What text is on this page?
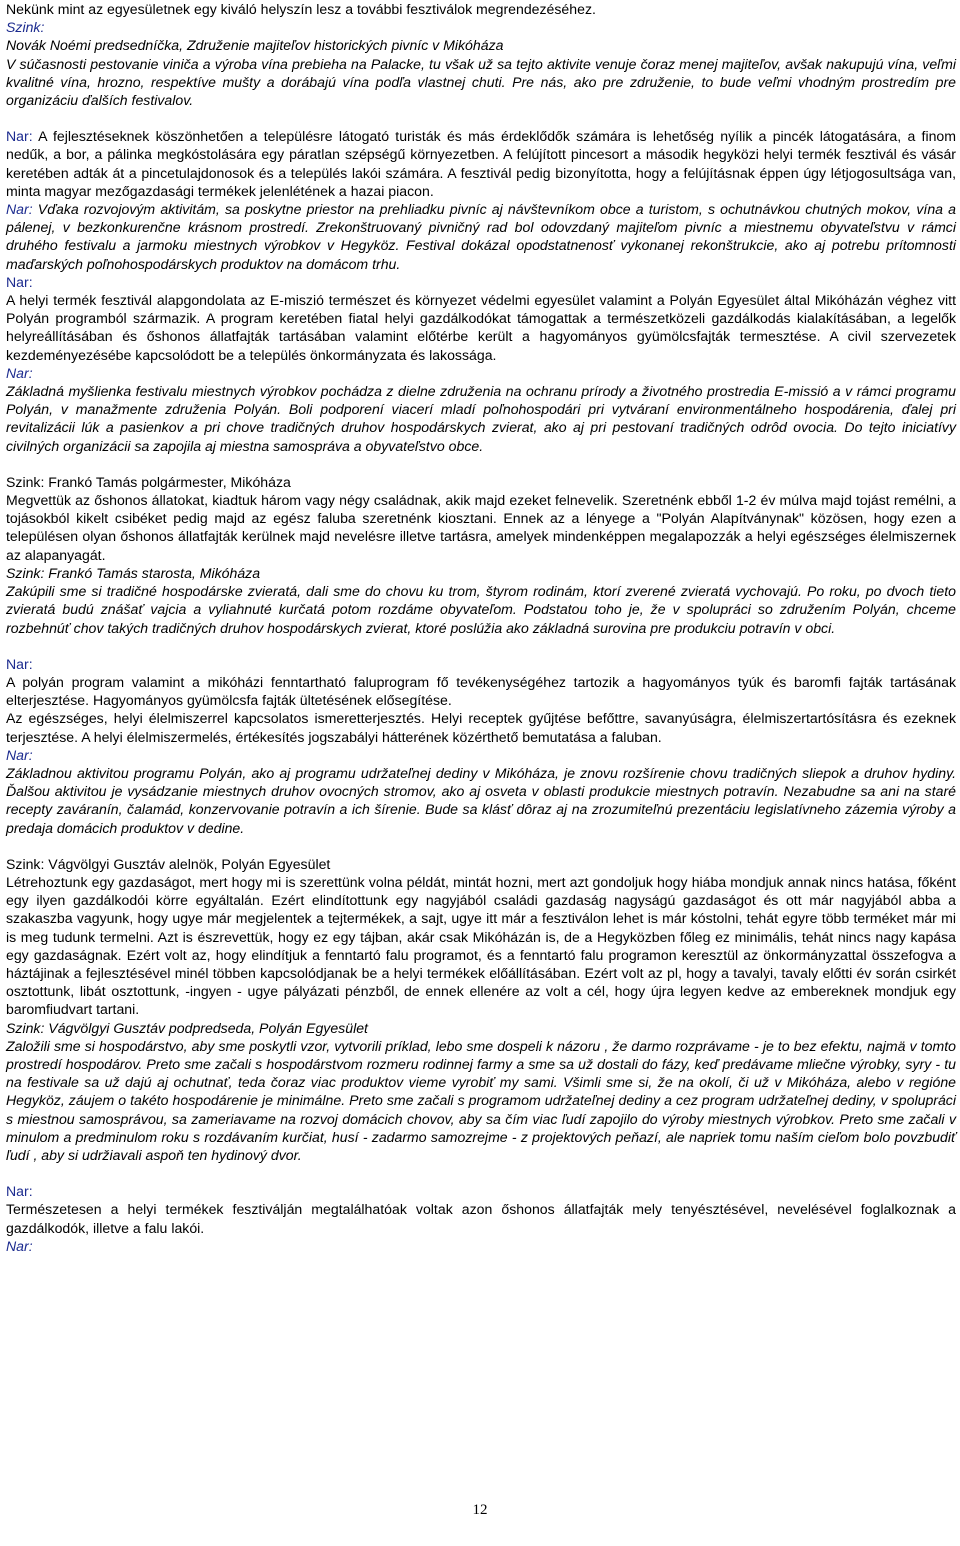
Nekünk mint az egyesületnek egy kiváló helyszín lesz a további fesztiválok megrendezéséhez.

Szink:

Novák Noémi predsedníčka, Združenie majiteľov historických pivníc v Mikóháza

V súčasnosti pestovanie viniča a výroba vína prebieha na Palacke, tu však už sa tejto aktivite venuje čoraz menej majiteľov, avšak nakupujú vína, veľmi kvalitné vína, hrozno, respektíve mušty a dorábajú vína podľa vlastnej chuti. Pre nás, ako pre združenie, to bude veľmi vhodným prostredím pre organizáciu ďalších festivalov.

Nar: A fejlesztéseknek köszönhetően a településre látogató turisták és más érdeklődők számára is lehetőség nyílik a pincék látogatására, a finom nedűk, a bor, a pálinka megkóstolására egy páratlan szépségű környezetben. A felújított pincesort a második hegyközi helyi termék fesztivál és vásár keretében adták át a pincetulajdonosok és a település lakói számára. A fesztivál pedig bizonyította, hogy a felújításnak éppen úgy létjogosultsága van, minta magyar mezőgazdasági termékek jelenlétének a hazai piacon.

Nar: Vďaka rozvojovým aktivitám, sa poskytne priestor na prehliadku pivníc aj návštevníkom obce a turistom, s ochutnávkou chutných mokov, vína a pálenej, v bezkonkurenčne krásnom prostredí. Zrekonštruovaný pivničný rad bol odovzdaný majiteľom pivníc a miestnemu obyvateľstvu v rámci druhého festivalu a jarmoku miestnych výrobkov v Hegyköz. Festival dokázal opodstatnenosť vykonanej rekonštrukcie, ako aj potrebu prítomnosti maďarských poľnohospodárskych produktov na domácom trhu.

Nar:

A helyi termék fesztivál alapgondolata az E-miszió természet és környezet védelmi egyesület valamint a Polyán Egyesület által Mikóházán véghez vitt Polyán programból származik. A program keretében fiatal helyi gazdálkodókat támogattak a természetközeli gazdálkodás kialakításában, a legelők helyreállításában és őshonos állatfajták tartásában valamint előtérbe került a hagyományos gyümölcsfajták termesztése. A civil szervezetek kezdeményezésébe kapcsolódott be a település önkormányzata és lakossága.

Nar:

Základná myšlienka festivalu miestnych výrobkov pochádza z dielne združenia na ochranu prírody a životného prostredia E-missió a v rámci programu Polyán, v manažmente združenia Polyán. Boli podporení viacerí mladí poľnohospodári pri vytváraní environmentálneho hospodárenia, ďalej pri revitalizácii lúk a pasienkov a pri chove tradičných druhov hospodárskych zvierat, ako aj pri pestovaní tradičných odrôd ovocia. Do tejto iniciatívy civilných organizácii sa zapojila aj miestna samospráva a obyvateľstvo obce.

Szink: Frankó Tamás polgármester, Mikóháza

Megvettük az őshonos állatokat, kiadtuk három vagy négy családnak, akik majd ezeket felnevelik. Szeretnénk ebből 1-2 év múlva majd tojást remélni, a tojásokból kikelt csibéket pedig majd az egész faluba szeretnénk kiosztani. Ennek az a lényege a "Polyán Alapítványnak" közösen, hogy ezen a településen olyan őshonos állatfajták kerülnek majd nevelésre illetve tartásra, amelyek mindenképpen megalapozzák a helyi egészséges élelmiszernek az alapanyagát.

Szink: Frankó Tamás starosta, Mikóháza

Zakúpili sme si tradičné hospodárske zvieratá, dali sme do chovu ku trom, štyrom rodinám, ktorí zverené zvieratá vychovajú. Po roku, po dvoch tieto zvieratá budú znášať vajcia a vyliahnuté kurčatá potom rozdáme obyvateľom. Podstatou toho je, že v spolupráci so združením Polyán, chceme rozbehnúť chov takých tradičných druhov hospodárskych zvierat, ktoré poslúžia ako základná surovina pre produkciu potravín v obci.

Nar:

A polyán program valamint a mikóházi fenntartható faluprogram fő tevékenységéhez tartozik a hagyományos tyúk és baromfi fajták tartásának elterjesztése. Hagyományos gyümölcsfa fajták ültetésének elősegítése.

Az egészséges, helyi élelmiszerrel kapcsolatos ismeretterjesztés. Helyi receptek gyűjtése befőttre, savanyúságra, élelmiszertartósításra és ezeknek terjesztése. A helyi élelmiszermelés, értékesítés jogszabályi hátterének közérthető bemutatása a faluban.

Nar:

Základnou aktivitou programu Polyán, ako aj programu udržateľnej dediny v Mikóháza, je znovu rozšírenie chovu tradičných sliepok a druhov hydiny. Ďalšou aktivitou je vysádzanie miestnych druhov ovocných stromov, ako aj osveta v oblasti produkcie miestnych potravín. Nezabudne sa ani na staré recepty zaváranín, čalamád, konzervovanie potravín a ich šírenie. Bude sa klásť dôraz aj na zrozumiteľnú prezentáciu legislatívneho zázemia výroby a predaja domácich produktov v dedine.

Szink: Vágvölgyi Gusztáv alelnök, Polyán Egyesület

Létrehoztunk egy gazdaságot, mert hogy mi is szerettünk volna példát, mintát hozni, mert azt gondoljuk hogy hiába mondjuk annak nincs hatása, főként egy ilyen gazdálkodói körre egyáltalán. Ezért elindítottunk egy nagyjából családi gazdaság nagyságú gazdaságot és ott már nagyjából abba a szakaszba vagyunk, hogy ugye már megjelentek a tejtermékek, a sajt, ugye itt már a fesztiválon lehet is már kóstolni, tehát egyre több terméket már mi is meg tudunk termelni. Azt is észrevettük, hogy ez egy tájban, akár csak Mikóházán is, de a Hegyközben főleg ez minimális, tehát nincs nagy kapása egy gazdaságnak. Ezért volt az, hogy elindítjuk a fenntartó falu programot, és a fenntartó falu programon keresztül az önkormányzattal összefogva a háztájinak a fejlesztésével minél többen kapcsolódjanak be a helyi termékek előállításában. Ezért volt az pl, hogy a tavalyi, tavaly előtti év során csirkét osztottunk, libát osztottunk, -ingyen - ugye pályázati pénzből, de ennek ellenére az volt a cél, hogy újra legyen kedve az embereknek mondjuk egy baromfiudvart tartani.

Szink: Vágvölgyi Gusztáv podpredseda, Polyán Egyesület

Založili sme si hospodárstvo, aby sme poskytli vzor, vytvorili príklad, lebo sme dospeli k názoru , že darmo rozprávame - je to bez efektu, najmä v tomto prostredí hospodárov. Preto sme začali s hospodárstvom rozmeru rodinnej farmy a sme sa už dostali do fázy, keď predávame mliečne výrobky, syry - tu na festivale sa už dajú aj ochutnať, teda čoraz viac produktov vieme vyrobiť my sami. Všimli sme si, že na okolí, či už v Mikóháza, alebo v regióne Hegyköz, záujem o takéto hospodárenie je minimálne. Preto sme začali s programom udržateľnej dediny a cez program udržateľnej dediny, v spolupráci s miestnou samosprávou, sa zameriavame na rozvoj domácich chovov, aby sa čím viac ľudí zapojilo do výroby miestnych výrobkov. Preto sme začali v minulom a predminulom roku s rozdávaním kurčiat, husí - zadarmo samozrejme - z projektových peňazí, ale napriek tomu naším cieľom bolo povzbudiť ľudí , aby si udržiavali aspoň ten hydinový dvor.

Nar:

Természetesen a helyi termékek fesztiválján megtalálhatóak voltak azon őshonos állatfajták mely tenyésztésével, nevelésével foglalkoznak a gazdálkodók, illetve a falu lakói.

Nar:

12
